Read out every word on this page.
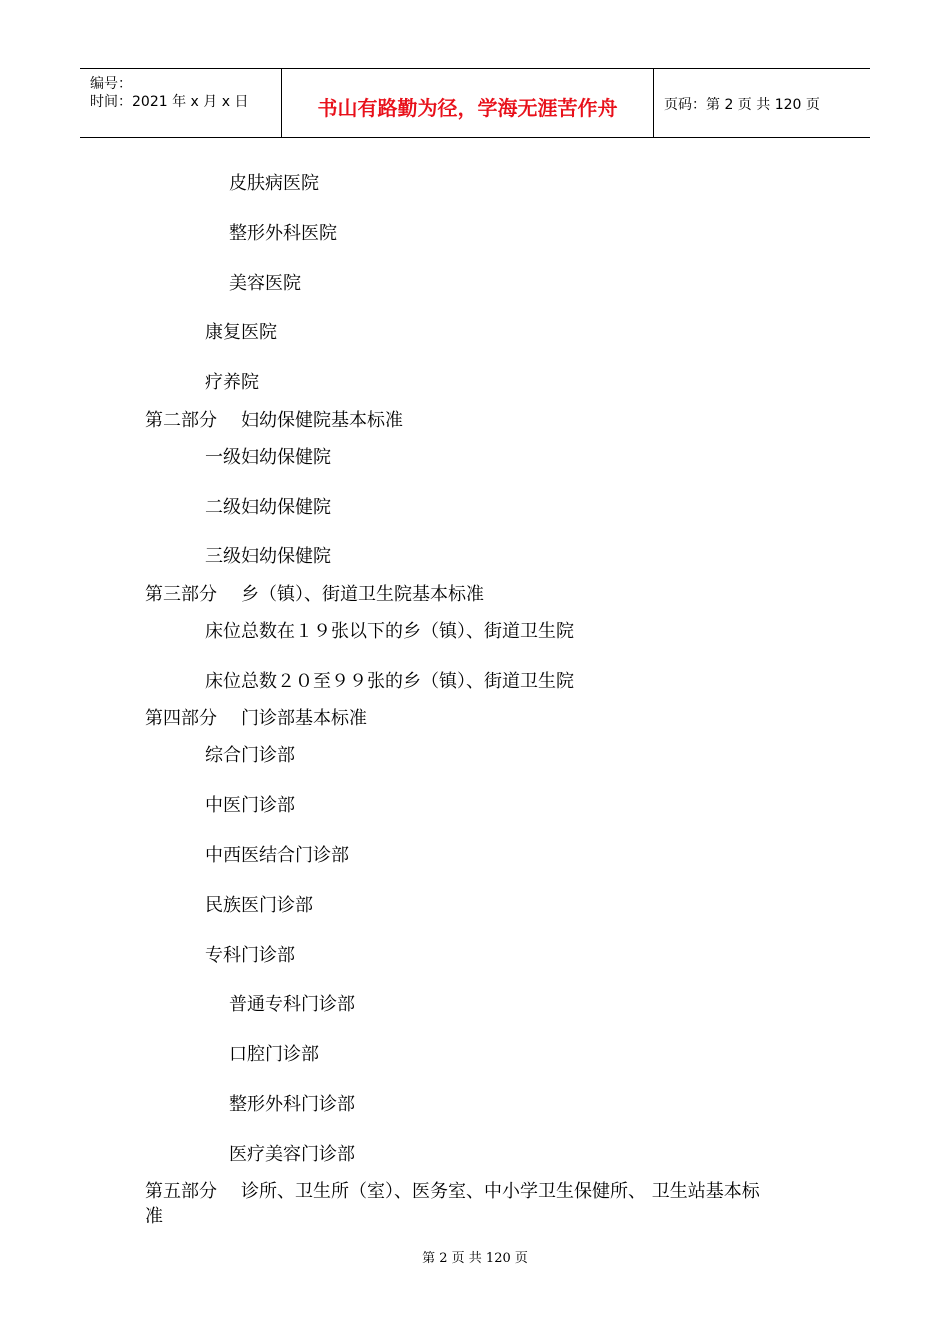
编号：
时间：2021 年 x 月 x 日	书山有路勤为径，学海无涯苦作舟	页码：第 2 页 共 120 页
皮肤病医院
整形外科医院
美容医院
康复医院
疗养院
第二部分 妇幼保健院基本标准
一级妇幼保健院
二级妇幼保健院
三级妇幼保健院
第三部分 乡（镇）、街道卫生院基本标准
床位总数在１９张以下的乡（镇）、街道卫生院
床位总数２０至９９张的乡（镇）、街道卫生院
第四部分 门诊部基本标准
综合门诊部
中医门诊部
中西医结合门诊部
民族医门诊部
专科门诊部
普通专科门诊部
口腔门诊部
整形外科门诊部
医疗美容门诊部
第五部分 诊所、卫生所（室）、医务室、中小学卫生保健所、 卫生站基本标
准
第 2 页 共 120 页
